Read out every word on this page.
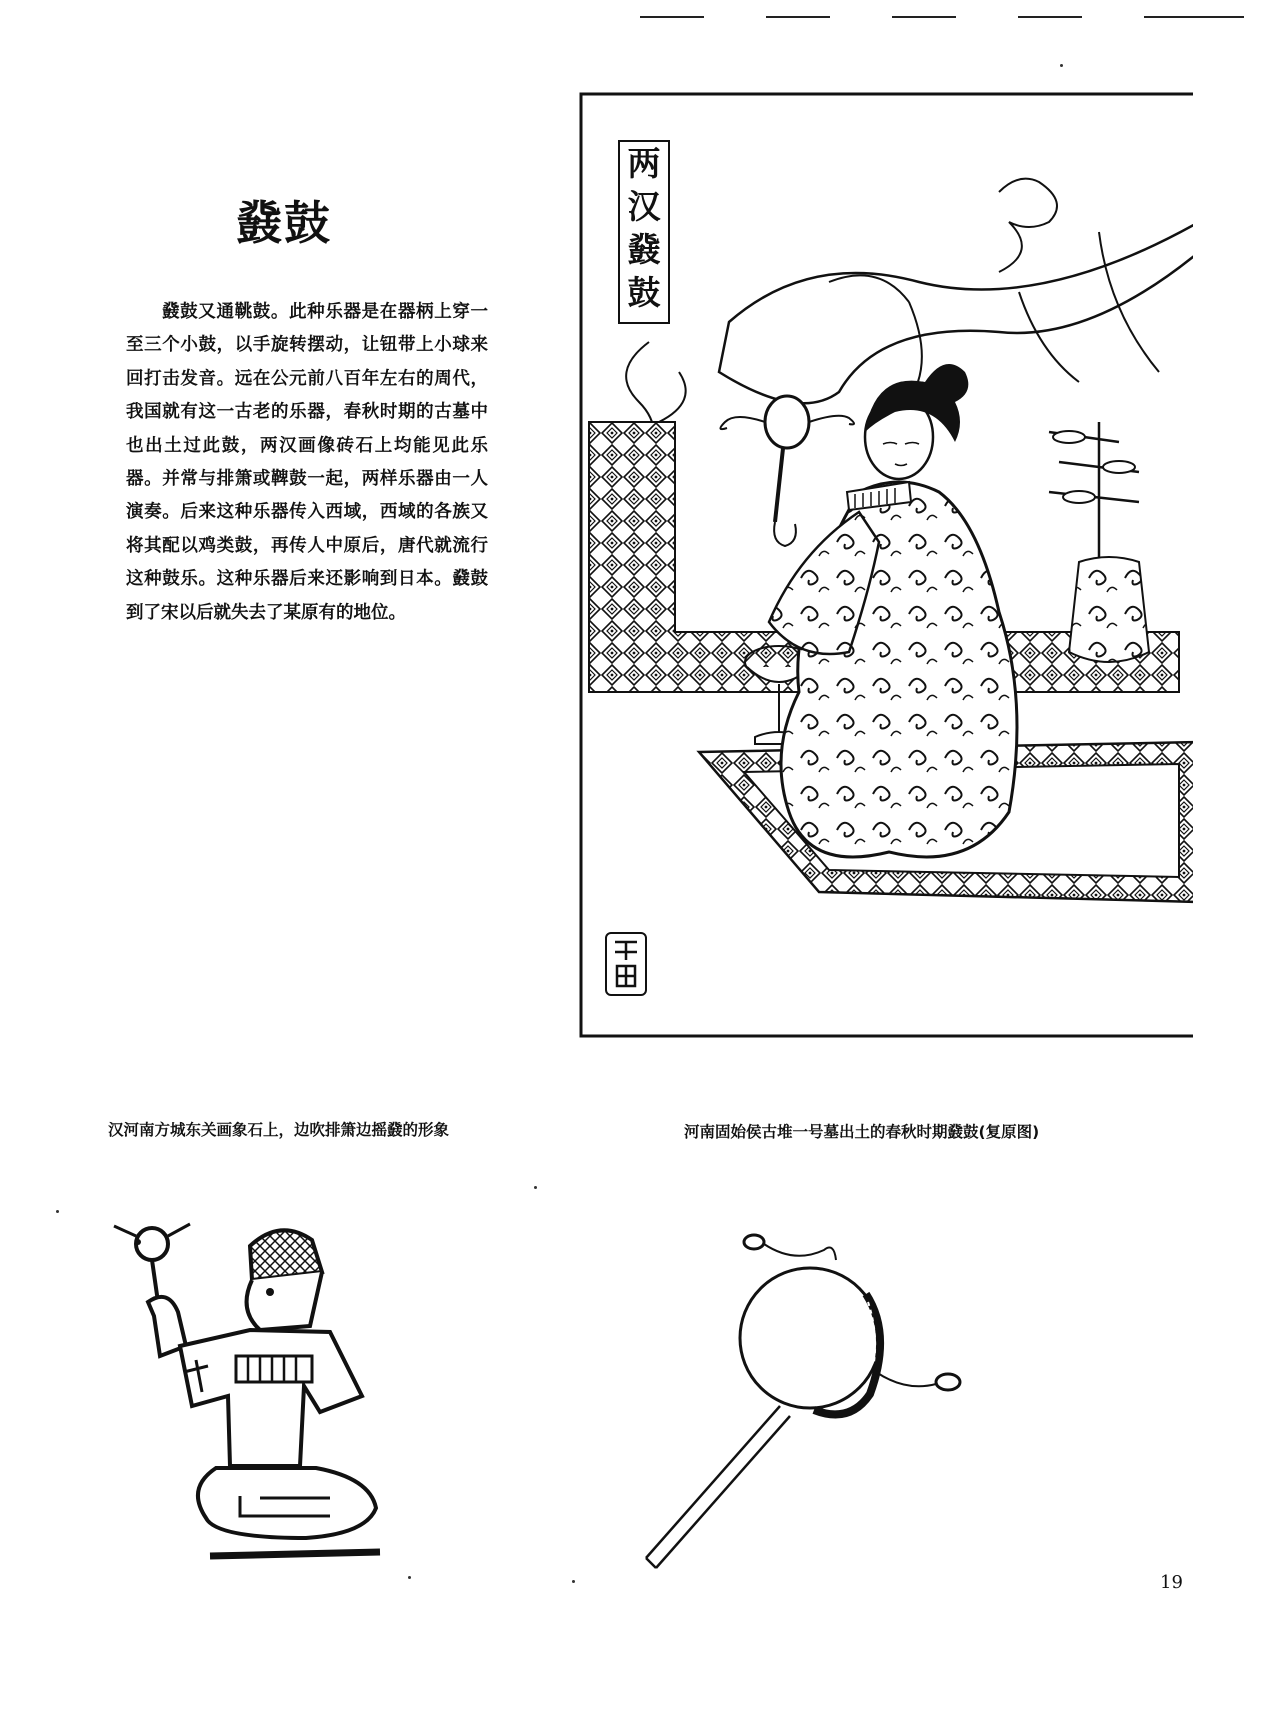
鼗鼓

鼗鼓又通鞉鼓。此种乐器是在器柄上穿一至三个小鼓，以手旋转摆动，让钮带上小球来回打击发音。远在公元前八百年左右的周代，我国就有这一古老的乐器，春秋时期的古墓中也出土过此鼓，两汉画像砖石上均能见此乐器。并常与排箫或鞞鼓一起，两样乐器由一人演奏。后来这种乐器传入西域，西域的各族又将其配以鸡类鼓，再传人中原后，唐代就流行这种鼓乐。这种乐器后来还影响到日本。鼗鼓到了宋以后就失去了某原有的地位。

两
汉
鼗
鼓
汉河南方城东关画象石上，边吹排箫边摇鼗的形象	河南固始侯古堆一号墓出土的春秋时期鼗鼓(复原图)
19
